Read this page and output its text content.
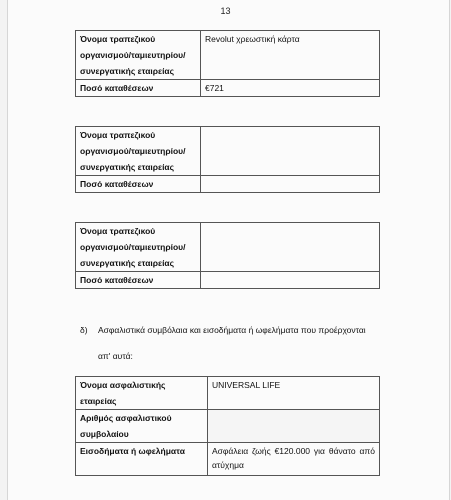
13
Όνομα τραπεζικού
οργανισμού/ταμιευτηρίου/
συνεργατικής εταιρείας	Revolut χρεωστική κάρτα
Ποσό καταθέσεων	€721
Όνομα τραπεζικού
οργανισμού/ταμιευτηρίου/
συνεργατικής εταιρείας	

Ποσό καταθέσεων	
Όνομα τραπεζικού
οργανισμού/ταμιευτηρίου/
συνεργατικής εταιρείας	

Ποσό καταθέσεων	
δ) Ασφαλιστικά συμβόλαια και εισοδήματα ή ωφελήματα που προέρχονται
απ' αυτά:
Όνομα ασφαλιστικής
εταιρείας	UNIVERSAL LIFE

Αριθμός ασφαλιστικού
συμβολαίου	

Εισοδήματα ή ωφελήματα	Ασφάλεια ζωής €120.000 για θάνατο από
ατύχημα
